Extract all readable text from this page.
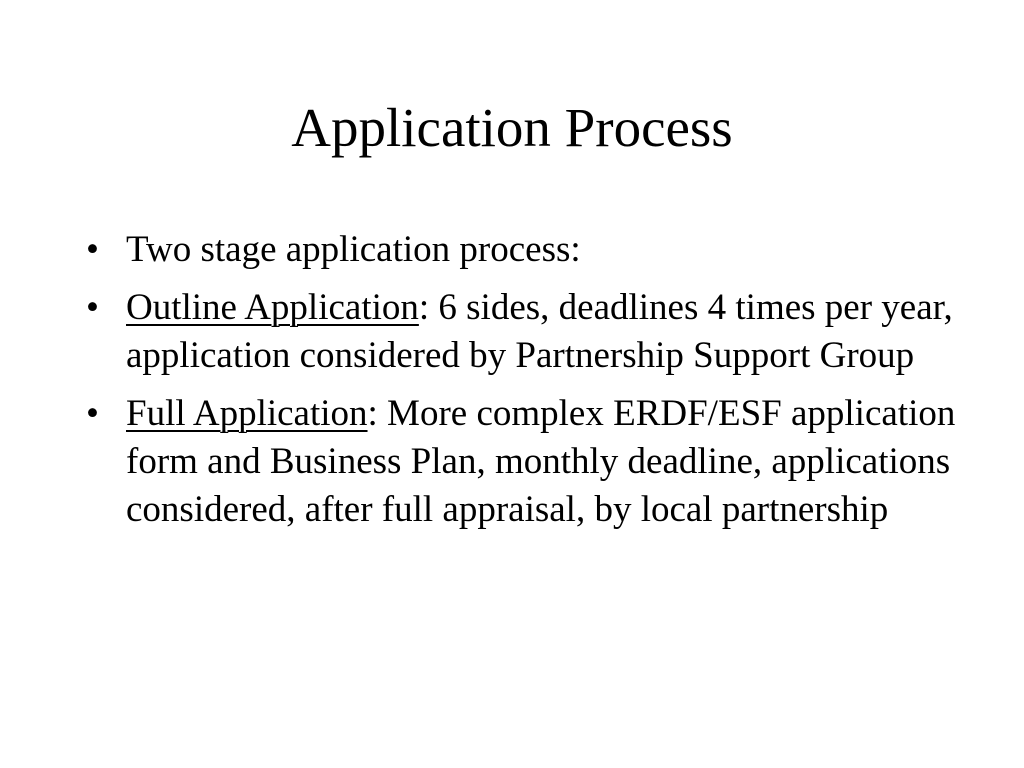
Application Process
• Two stage application process:
• Outline Application: 6 sides, deadlines 4 times per year, application considered by Partnership Support Group
• Full Application: More complex ERDF/ESF application form and Business Plan, monthly deadline, applications considered, after full appraisal, by local partnership
